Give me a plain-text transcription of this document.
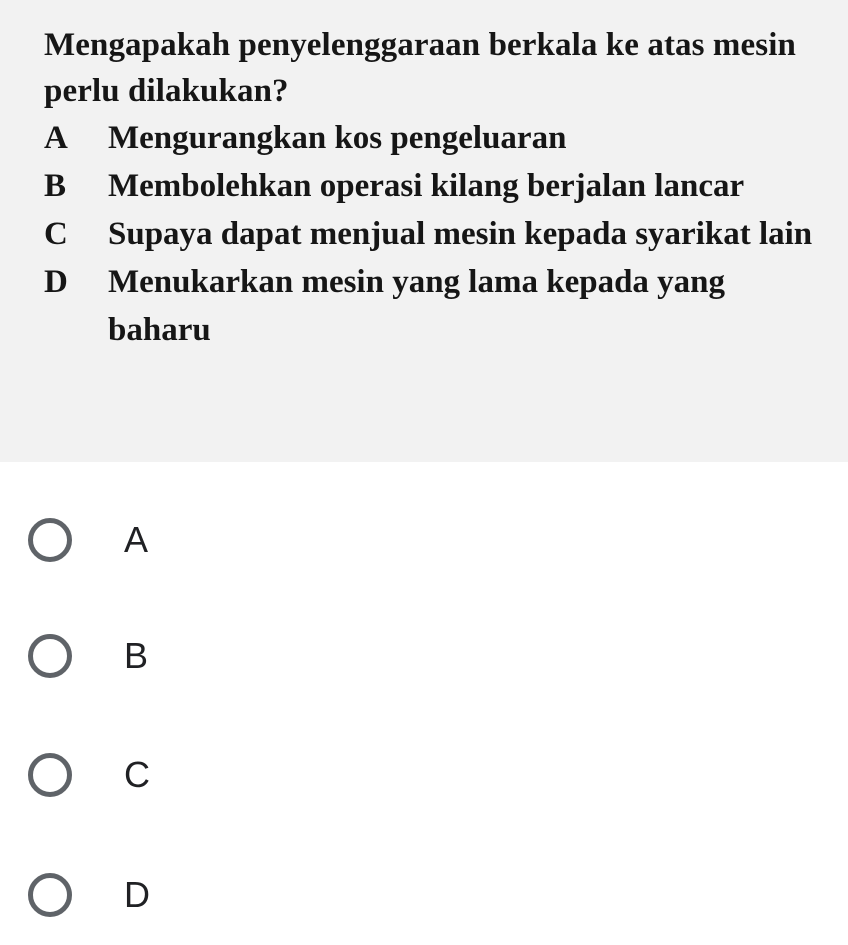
Mengapakah penyelenggaraan berkala ke atas mesin perlu dilakukan?
A Mengurangkan kos pengeluaran
B Membolehkan operasi kilang berjalan lancar
C Supaya dapat menjual mesin kepada syarikat lain
D Menukarkan mesin yang lama kepada yang baharu
A
B
C
D
